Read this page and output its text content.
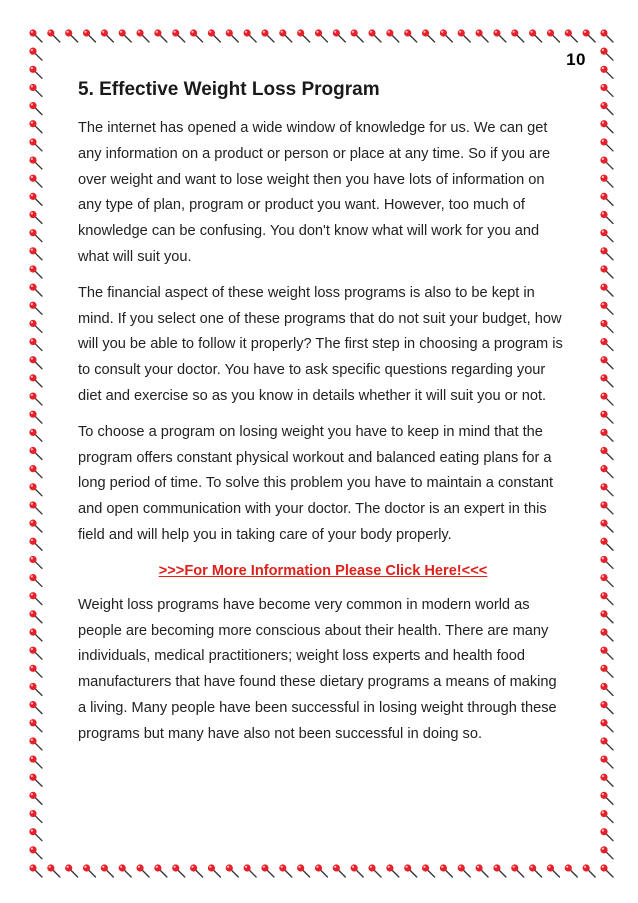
10
5. Effective Weight Loss Program

The internet has opened a wide window of knowledge for us. We can get any information on a product or person or place at any time. So if you are over weight and want to lose weight then you have lots of information on any type of plan, program or product you want. However, too much of knowledge can be confusing. You don't know what will work for you and what will suit you.

The financial aspect of these weight loss programs is also to be kept in mind. If you select one of these programs that do not suit your budget, how will you be able to follow it properly? The first step in choosing a program is to consult your doctor. You have to ask specific questions regarding your diet and exercise so as you know in details whether it will suit you or not.

To choose a program on losing weight you have to keep in mind that the program offers constant physical workout and balanced eating plans for a long period of time. To solve this problem you have to maintain a constant and open communication with your doctor. The doctor is an expert in this field and will help you in taking care of your body properly.

>>>For More Information Please Click Here!<<<

Weight loss programs have become very common in modern world as people are becoming more conscious about their health. There are many individuals, medical practitioners; weight loss experts and health food manufacturers that have found these dietary programs a means of making a living. Many people have been successful in losing weight through these programs but many have also not been successful in doing so.
